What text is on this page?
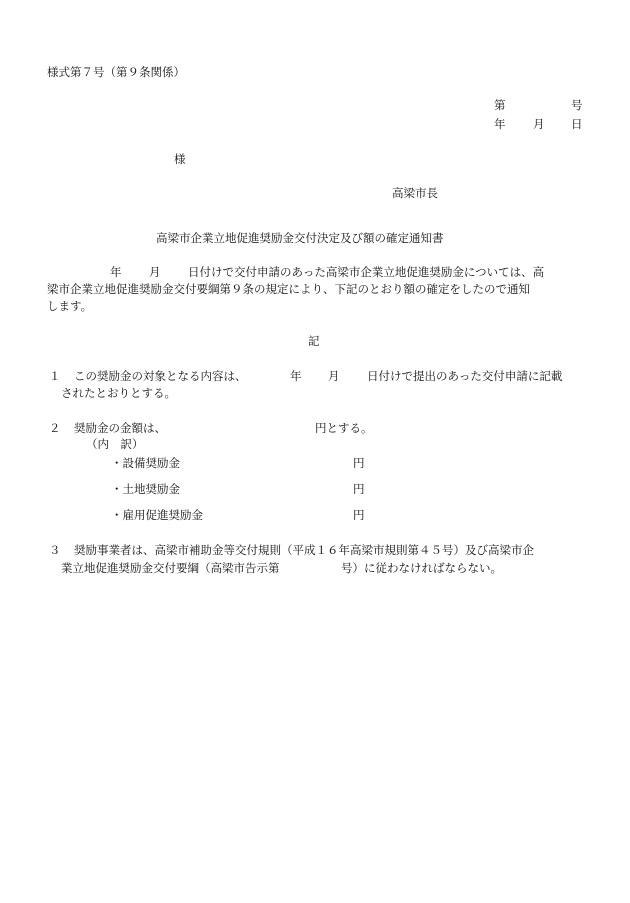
様式第７号（第９条関係）
第	号
年 月 日
様
高梁市長
高梁市企業立地促進奨励金交付決定及び額の確定通知書
年 月 日付けで交付申請のあった高梁市企業立地促進奨励金については、高
梁市企業立地促進奨励金交付要綱第９条の規定により、下記のとおり額の確定をしたので通知
します。
記
１ この奨励金の対象となる内容は、	年 月 日付けで提出のあった交付申請に記載
されたとおりとする。
２ 奨励金の金額は、	円とする。
（内　訳）
・設備奨励金	円
・土地奨励金	円
・雇用促進奨励金	円
３ 奨励事業者は、高梁市補助金等交付規則（平成１６年高梁市規則第４５号）及び高梁市企
業立地促進奨励金交付要綱（高梁市告示第	号）に従わなければならない。
